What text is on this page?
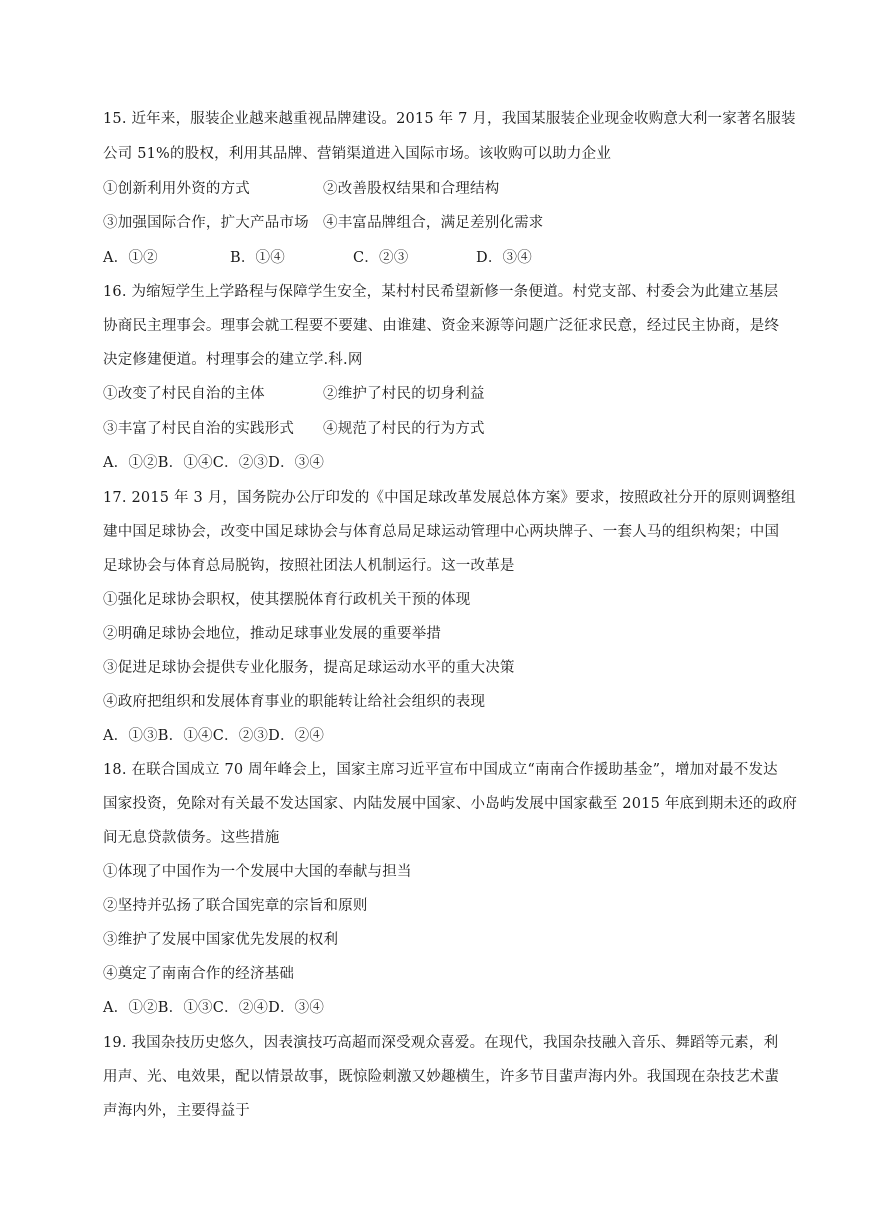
15. 近年来，服装企业越来越重视品牌建设。2015 年 7 月，我国某服装企业现金收购意大利一家著名服装
公司 51%的股权，利用其品牌、营销渠道进入国际市场。该收购可以助力企业
①创新利用外资的方式	②改善股权结果和合理结构
③加强国际合作，扩大产品市场 ④丰富品牌组合，满足差别化需求
A．①②	B．①④	C．②③	D．③④
16. 为缩短学生上学路程与保障学生安全，某村村民希望新修一条便道。村党支部、村委会为此建立基层
协商民主理事会。理事会就工程要不要建、由谁建、资金来源等问题广泛征求民意，经过民主协商，是终
决定修建便道。村理事会的建立学.科.网
①改变了村民自治的主体	②维护了村民的切身利益
③丰富了村民自治的实践形式 ④规范了村民的行为方式
A．①②B．①④C．②③D．③④
17. 2015 年 3 月，国务院办公厅印发的《中国足球改革发展总体方案》要求，按照政社分开的原则调整组
建中国足球协会，改变中国足球协会与体育总局足球运动管理中心两块牌子、一套人马的组织构架；中国
足球协会与体育总局脱钩，按照社团法人机制运行。这一改革是
①强化足球协会职权，使其摆脱体育行政机关干预的体现
②明确足球协会地位，推动足球事业发展的重要举措
③促进足球协会提供专业化服务，提高足球运动水平的重大决策
④政府把组织和发展体育事业的职能转让给社会组织的表现
A．①③B．①④C．②③D．②④
18. 在联合国成立 70 周年峰会上，国家主席习近平宣布中国成立“南南合作援助基金”，增加对最不发达
国家投资，免除对有关最不发达国家、内陆发展中国家、小岛屿发展中国家截至 2015 年底到期未还的政府
间无息贷款债务。这些措施
①体现了中国作为一个发展中大国的奉献与担当
②坚持并弘扬了联合国宪章的宗旨和原则
③维护了发展中国家优先发展的权利
④奠定了南南合作的经济基础
A．①②B．①③C．②④D．③④
19. 我国杂技历史悠久，因表演技巧高超而深受观众喜爱。在现代，我国杂技融入音乐、舞蹈等元素，利
用声、光、电效果，配以情景故事，既惊险刺激又妙趣横生，许多节目蜚声海内外。我国现在杂技艺术蜚
声海内外，主要得益于
